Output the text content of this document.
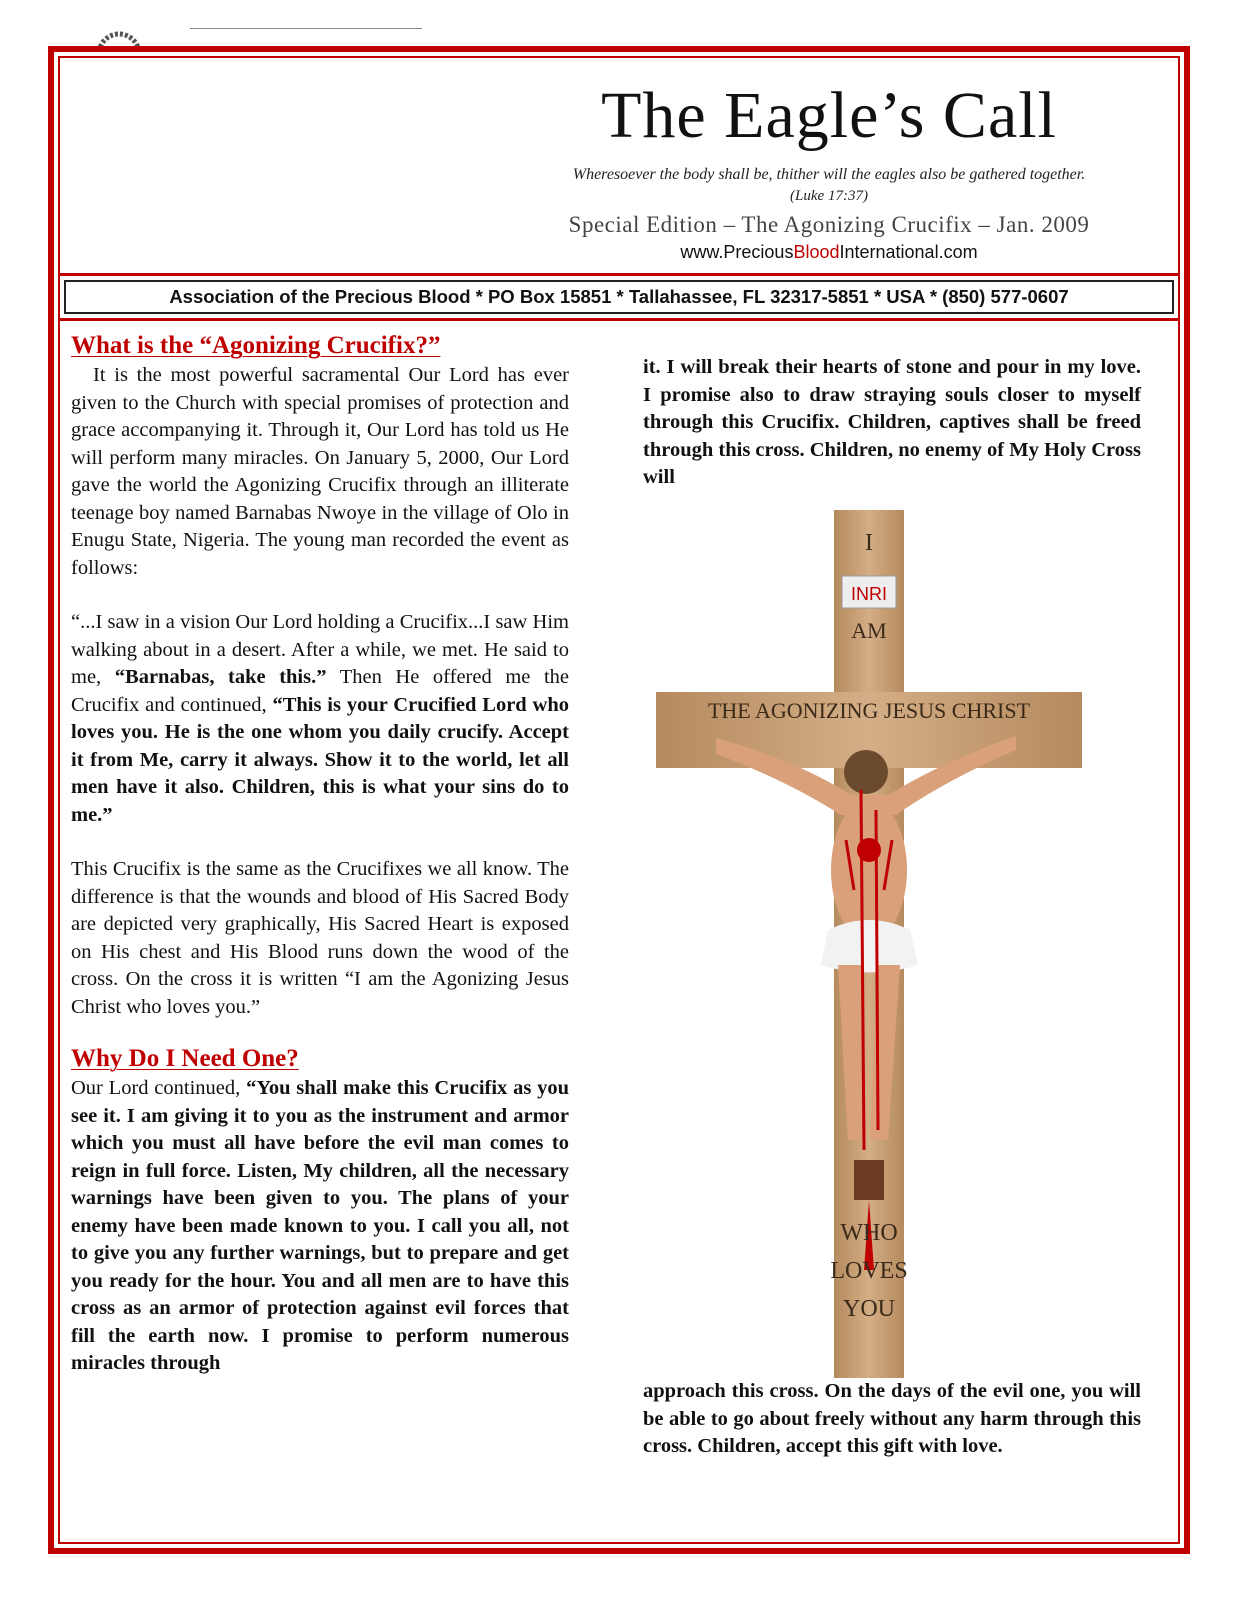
The Eagle’s Call
Wheresoever the body shall be, thither will the eagles also be gathered together.
(Luke 17:37)
Special Edition – The Agonizing Crucifix – Jan. 2009
www.PreciousBloodInternational.com
Association of the Precious Blood * PO Box 15851 * Tallahassee, FL 32317-5851 * USA * (850) 577-0607
What is the “Agonizing Crucifix?”

It is the most powerful sacramental Our Lord has ever given to the Church with special promises of protection and grace accompanying it. Through it, Our Lord has told us He will perform many miracles. On January 5, 2000, Our Lord gave the world the Agonizing Crucifix through an illiterate teenage boy named Barnabas Nwoye in the village of Olo in Enugu State, Nigeria. The young man recorded the event as follows:

“...I saw in a vision Our Lord holding a Crucifix...I saw Him walking about in a desert. After a while, we met. He said to me, “Barnabas, take this.” Then He offered me the Crucifix and continued, “This is your Crucified Lord who loves you. He is the one whom you daily crucify. Accept it from Me, carry it always. Show it to the world, let all men have it also. Children, this is what your sins do to me.”

This Crucifix is the same as the Crucifixes we all know. The difference is that the wounds and blood of His Sacred Body are depicted very graphically, His Sacred Heart is exposed on His chest and His Blood runs down the wood of the cross. On the cross it is written “I am the Agonizing Jesus Christ who loves you.”

Why Do I Need One?

Our Lord continued, “You shall make this Crucifix as you see it. I am giving it to you as the instrument and armor which you must all have before the evil man comes to reign in full force. Listen, My children, all the necessary warnings have been given to you. The plans of your enemy have been made known to you. I call you all, not to give you any further warnings, but to prepare and get you ready for the hour. You and all men are to have this cross as an armor of protection against evil forces that fill the earth now. I promise to perform numerous miracles through

it. I will break their hearts of stone and pour in my love. I promise also to draw straying souls closer to myself through this Crucifix. Children, captives shall be freed through this cross. Children, no enemy of My Holy Cross will

I
INRI
AM
THE AGONIZING JESUS CHRIST
WHO
LOVES
YOU

approach this cross. On the days of the evil one, you will be able to go about freely without any harm through this cross. Children, accept this gift with love.
